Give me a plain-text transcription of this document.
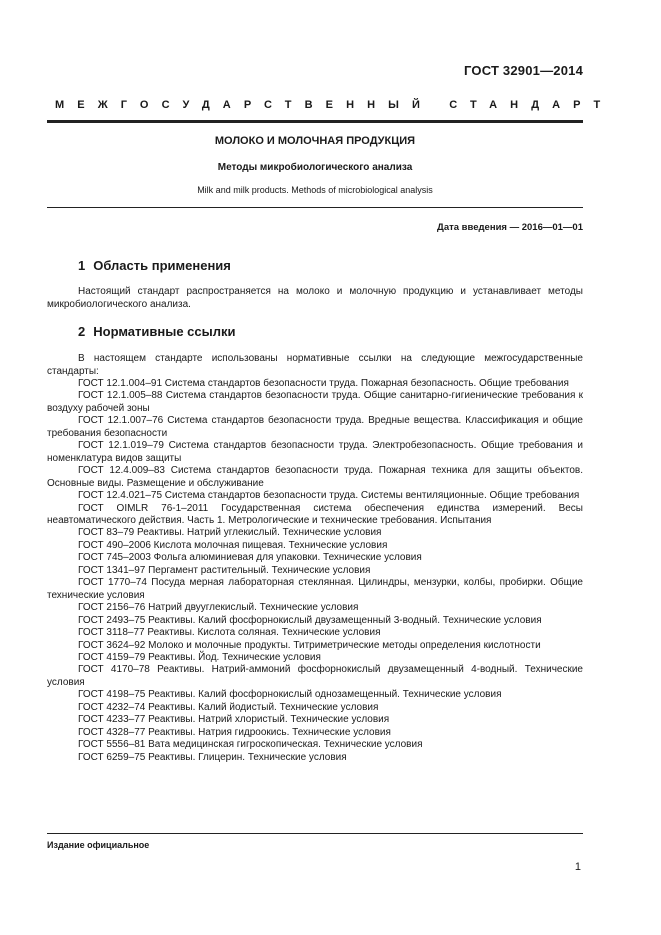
ГОСТ 32901—2014
МЕЖГОСУДАРСТВЕННЫЙ СТАНДАРТ
МОЛОКО И МОЛОЧНАЯ ПРОДУКЦИЯ
Методы микробиологического анализа
Milk and milk products. Methods of microbiological analysis
Дата введения — 2016—01—01
1 Область применения
Настоящий стандарт распространяется на молоко и молочную продукцию и устанавливает методы микробиологического анализа.
2 Нормативные ссылки
В настоящем стандарте использованы нормативные ссылки на следующие межгосударственные стандарты:
ГОСТ 12.1.004–91 Система стандартов безопасности труда. Пожарная безопасность. Общие требования
ГОСТ 12.1.005–88 Система стандартов безопасности труда. Общие санитарно-гигиенические требования к воздуху рабочей зоны
ГОСТ 12.1.007–76 Система стандартов безопасности труда. Вредные вещества. Классификация и общие требования безопасности
ГОСТ 12.1.019–79 Система стандартов безопасности труда. Электробезопасность. Общие требования и номенклатура видов защиты
ГОСТ 12.4.009–83 Система стандартов безопасности труда. Пожарная техника для защиты объектов. Основные виды. Размещение и обслуживание
ГОСТ 12.4.021–75 Система стандартов безопасности труда. Системы вентиляционные. Общие требования
ГОСТ OIMLR 76-1–2011 Государственная система обеспечения единства измерений. Весы неавтоматического действия. Часть 1. Метрологические и технические требования. Испытания
ГОСТ 83–79 Реактивы. Натрий углекислый. Технические условия
ГОСТ 490–2006 Кислота молочная пищевая. Технические условия
ГОСТ 745–2003 Фольга алюминиевая для упаковки. Технические условия
ГОСТ 1341–97 Пергамент растительный. Технические условия
ГОСТ 1770–74 Посуда мерная лабораторная стеклянная. Цилиндры, мензурки, колбы, пробирки. Общие технические условия
ГОСТ 2156–76 Натрий двууглекислый. Технические условия
ГОСТ 2493–75 Реактивы. Калий фосфорнокислый двузамещенный 3-водный. Технические условия
ГОСТ 3118–77 Реактивы. Кислота соляная. Технические условия
ГОСТ 3624–92 Молоко и молочные продукты. Титриметрические методы определения кислотности
ГОСТ 4159–79 Реактивы. Йод. Технические условия
ГОСТ 4170–78 Реактивы. Натрий-аммоний фосфорнокислый двузамещенный 4-водный. Технические условия
ГОСТ 4198–75 Реактивы. Калий фосфорнокислый однозамещенный. Технические условия
ГОСТ 4232–74 Реактивы. Калий йодистый. Технические условия
ГОСТ 4233–77 Реактивы. Натрий хлористый. Технические условия
ГОСТ 4328–77 Реактивы. Натрия гидроокись. Технические условия
ГОСТ 5556–81 Вата медицинская гигроскопическая. Технические условия
ГОСТ 6259–75 Реактивы. Глицерин. Технические условия
Издание официальное
1
